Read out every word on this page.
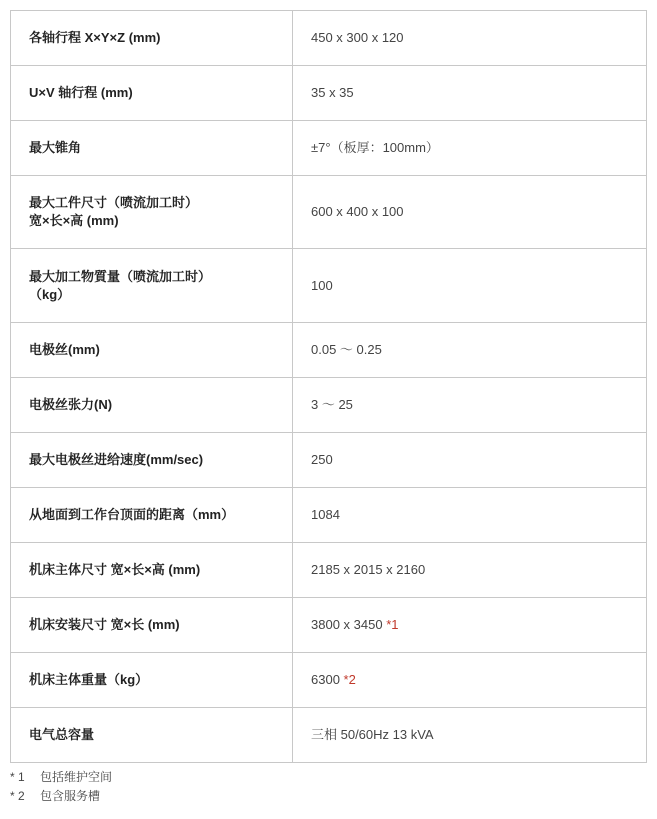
各轴行程 X×Y×Z (mm)	450 x 300 x 120
U×V 轴行程 (mm)	35 x 35
最大锥角	±7°（板厚：100mm）
最大工件尺寸（喷流加工时）
宽×长×高 (mm)	600 x 400 x 100
最大加工物質量（喷流加工时）
（kg）	100
电极丝(mm)	0.05 ～ 0.25
电极丝张力(N)	3 ～ 25
最大电极丝进给速度(mm/sec)	250
从地面到工作台顶面的距离（mm）	1084
机床主体尺寸 宽×长×高 (mm)	2185 x 2015 x 2160
机床安装尺寸 宽×长 (mm)	3800 x 3450 *1
机床主体重量（kg）	6300 *2
电气总容量	三相 50/60Hz 13 kVA
* 1 包括维护空间
* 2 包含服务槽
